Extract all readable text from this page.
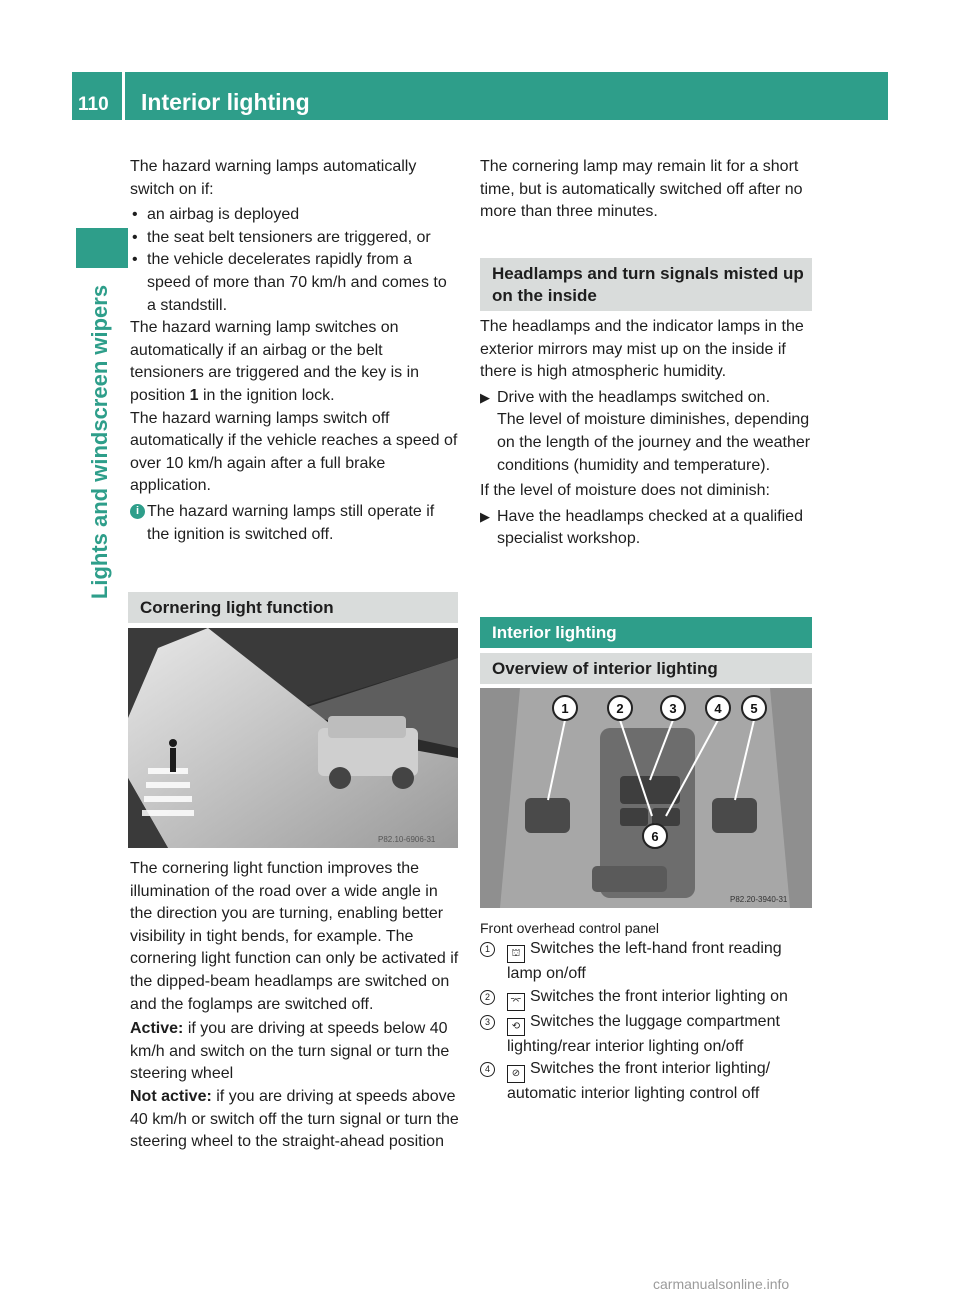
110 Interior lighting
Lights and windscreen wipers

The hazard warning lamps automatically switch on if:

• an airbag is deployed

• the seat belt tensioners are triggered, or

• the vehicle decelerates rapidly from a speed of more than 70 km/h and comes to a standstill.

The hazard warning lamp switches on automatically if an airbag or the belt tensioners are triggered and the key is in position 1 in the ignition lock.

The hazard warning lamps switch off automatically if the vehicle reaches a speed of over 10 km/h again after a full brake application.

i The hazard warning lamps still operate if the ignition is switched off.

Cornering light function
P82.10-6906-31

The cornering light function improves the illumination of the road over a wide angle in the direction you are turning, enabling better visibility in tight bends, for example. The cornering light function can only be activated if the dipped-beam headlamps are switched on and the foglamps are switched off.

Active: if you are driving at speeds below 40 km/h and switch on the turn signal or turn the steering wheel

Not active: if you are driving at speeds above 40 km/h or switch off the turn signal or turn the steering wheel to the straight-ahead position

The cornering lamp may remain lit for a short time, but is automatically switched off after no more than three minutes.

Headlamps and turn signals misted up on the inside

The headlamps and the indicator lamps in the exterior mirrors may mist up on the inside if there is high atmospheric humidity.

▶ Drive with the headlamps switched on.

The level of moisture diminishes, depending on the length of the journey and the weather conditions (humidity and temperature).

If the level of moisture does not diminish:

▶ Have the headlamps checked at a qualified specialist workshop.

Interior lighting
Overview of interior lighting
1	2	3	4 5
6
P82.20-3940-31

Front overhead control panel

1	⛫ Switches the left-hand front reading lamp on/off

2	⌤ Switches the front interior lighting on

3	⟲ Switches the luggage compartment lighting/rear interior lighting on/off

4	⊘ Switches the front interior lighting/ automatic interior lighting control off

carmanualsonline.info
